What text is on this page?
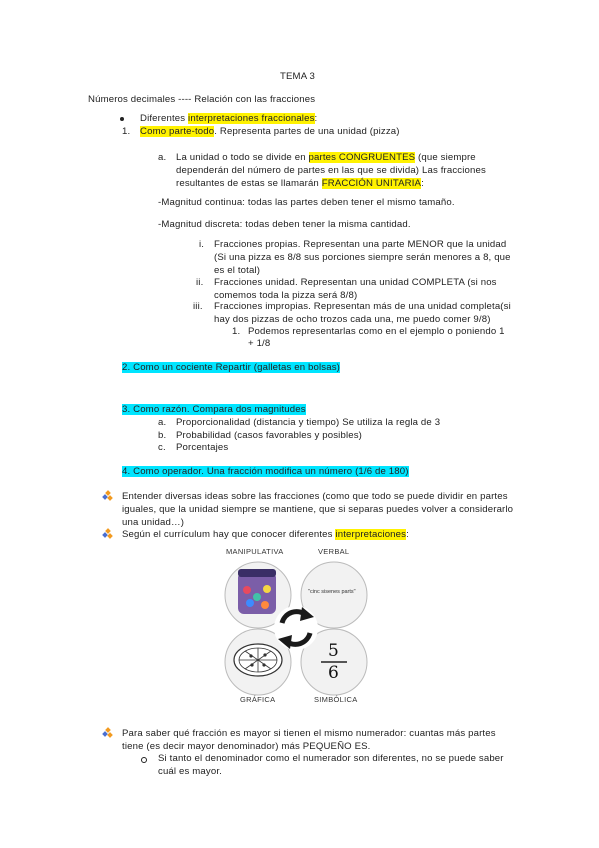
TEMA 3
Números decimales ---- Relación con las fracciones
Diferentes interpretaciones fraccionales:
1. Como parte-todo. Representa partes de una unidad (pizza)
a. La unidad o todo se divide en partes CONGRUENTES (que siempre
dependerán del número de partes en las que se divida) Las fracciones
resultantes de estas se llamarán FRACCIÓN UNITARIA:
-Magnitud continua: todas las partes deben tener el mismo tamaño.
-Magnitud discreta: todas deben tener la misma cantidad.
i. Fracciones propias. Representan una parte MENOR que la unidad
(Si una pizza es 8/8 sus porciones siempre serán menores a 8, que
es el total)
ii. Fracciones unidad. Representan una unidad COMPLETA (si nos
comemos toda la pizza será 8/8)
iii. Fracciones impropias. Representan más de una unidad completa(si
hay dos pizzas de ocho trozos cada una, me puedo comer 9/8)
1. Podemos representarlas como en el ejemplo o poniendo 1
+ 1/8
2. Como un cociente Repartir (galletas en bolsas)
3. Como razón. Compara dos magnitudes
a. Proporcionalidad (distancia y tiempo) Se utiliza la regla de 3
b. Probabilidad (casos favorables y posibles)
c. Porcentajes
4. Como operador. Una fracción modifica un número (1/6 de 180)
Entender diversas ideas sobre las fracciones (como que todo se puede dividir en partes
iguales, que la unidad siempre se mantiene, que si separas puedes volver a considerarlo
una unidad…)
Según el currículum hay que conocer diferentes interpretaciones:
MANIPULATIVA	VERBAL
"cinc sisenes parts"
GRÁFICA	SIMBÓLICA
5
6
Para saber qué fracción es mayor si tienen el mismo numerador: cuantas más partes
tiene (es decir mayor denominador) más PEQUEÑO ES.
Si tanto el denominador como el numerador son diferentes, no se puede saber
cuál es mayor.
